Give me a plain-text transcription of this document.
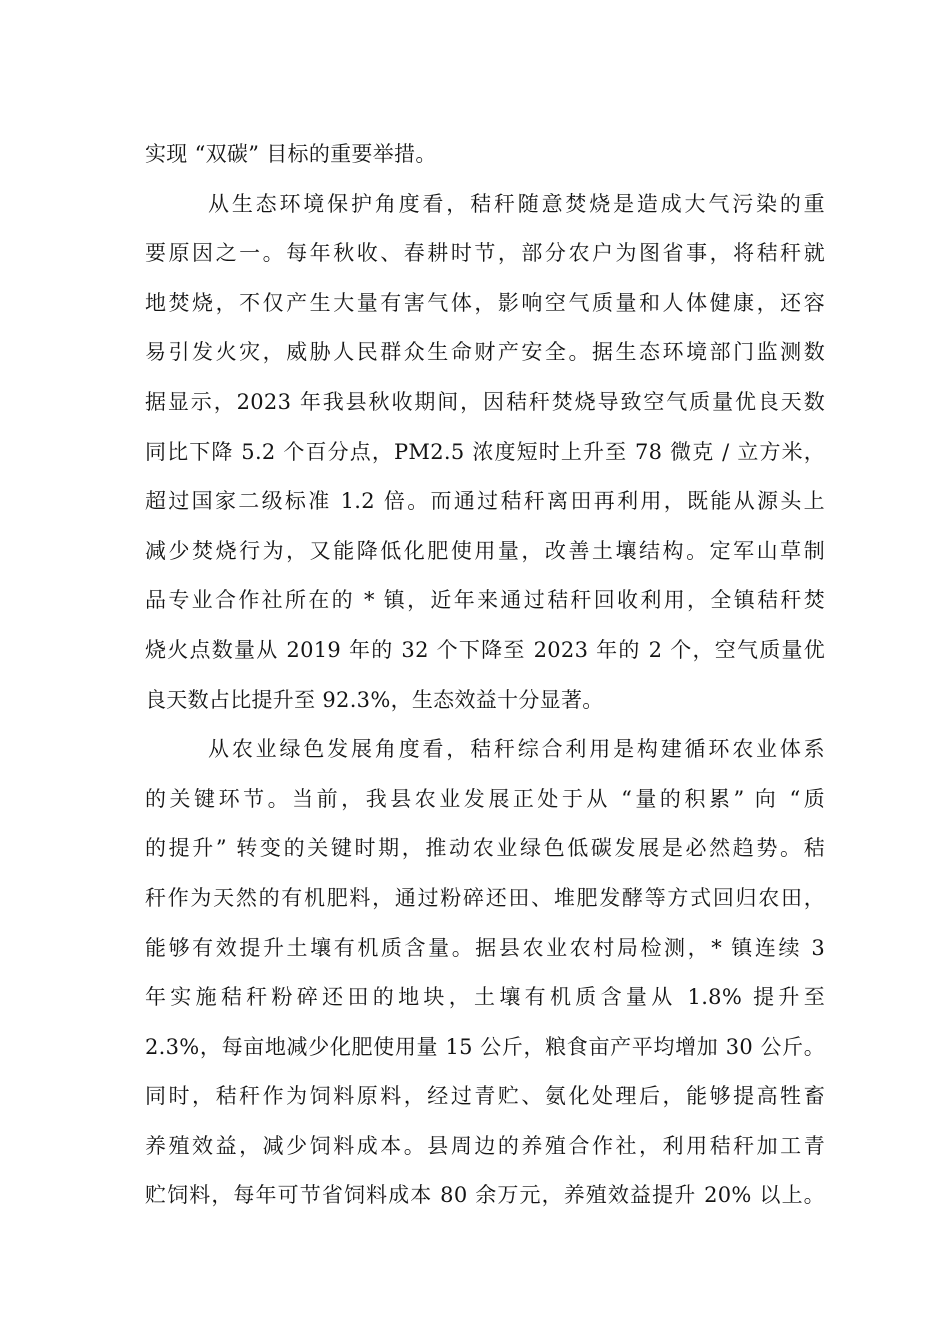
实现 “双碳” 目标的重要举措。
从生态环境保护角度看，秸秆随意焚烧是造成大气污染的重
要原因之一。每年秋收、春耕时节，部分农户为图省事，将秸秆就
地焚烧，不仅产生大量有害气体，影响空气质量和人体健康，还容
易引发火灾，威胁人民群众生命财产安全。据生态环境部门监测数
据显示，2023 年我县秋收期间，因秸秆焚烧导致空气质量优良天数
同比下降 5.2 个百分点，PM2.5 浓度短时上升至 78 微克 / 立方米，
超过国家二级标准 1.2 倍。而通过秸秆离田再利用，既能从源头上
减少焚烧行为，又能降低化肥使用量，改善土壤结构。定军山草制
品专业合作社所在的 * 镇，近年来通过秸秆回收利用，全镇秸秆焚
烧火点数量从 2019 年的 32 个下降至 2023 年的 2 个，空气质量优
良天数占比提升至 92.3%，生态效益十分显著。
从农业绿色发展角度看，秸秆综合利用是构建循环农业体系
的关键环节。当前，我县农业发展正处于从 “量的积累” 向 “质
的提升” 转变的关键时期，推动农业绿色低碳发展是必然趋势。秸
秆作为天然的有机肥料，通过粉碎还田、堆肥发酵等方式回归农田，
能够有效提升土壤有机质含量。据县农业农村局检测，* 镇连续 3
年实施秸秆粉碎还田的地块，土壤有机质含量从 1.8% 提升至
2.3%，每亩地减少化肥使用量 15 公斤，粮食亩产平均增加 30 公斤。
同时，秸秆作为饲料原料，经过青贮、氨化处理后，能够提高牲畜
养殖效益，减少饲料成本。县周边的养殖合作社，利用秸秆加工青
贮饲料，每年可节省饲料成本 80 余万元，养殖效益提升 20% 以上。
